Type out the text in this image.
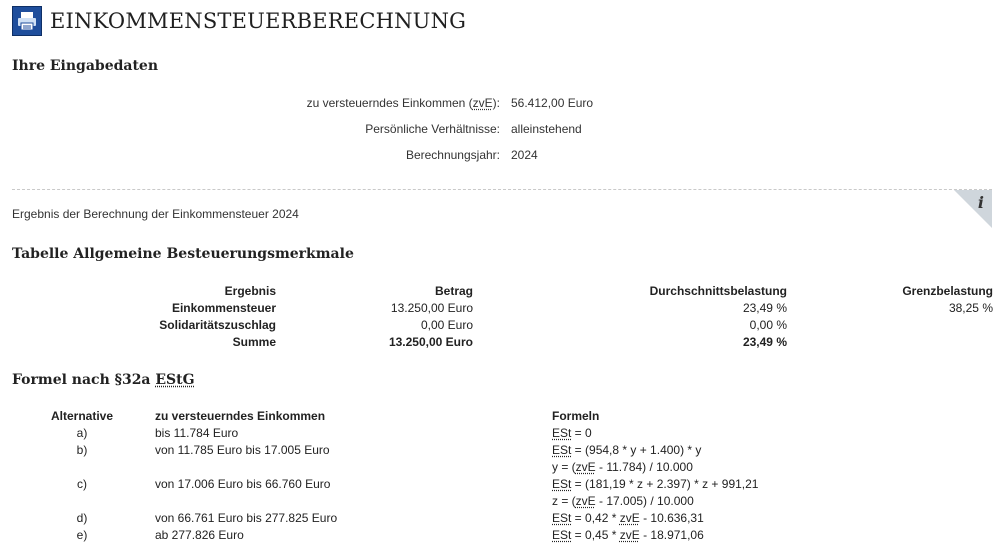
EINKOMMENSTEUERBERECHNUNG
Ihre Eingabedaten
zu versteuerndes Einkommen (zvE): 56.412,00 Euro
Persönliche Verhältnisse: alleinstehend
Berechnungsjahr: 2024
i
Ergebnis der Berechnung der Einkommensteuer 2024
Tabelle Allgemeine Besteuerungsmerkmale
Ergebnis	Betrag	Durchschnittsbelastung	Grenzbelastung
Einkommensteuer	13.250,00 Euro	23,49 %	38,25 %
Solidaritätszuschlag	0,00 Euro	0,00 %
Summe	13.250,00 Euro	23,49 %
Formel nach §32a EStG
Alternative	zu versteuerndes Einkommen	Formeln
a)	bis 11.784 Euro	ESt = 0
b)	von 11.785 Euro bis 17.005 Euro	ESt = (954,8 * y + 1.400) * y
y = (zvE - 11.784) / 10.000
c)	von 17.006 Euro bis 66.760 Euro	ESt = (181,19 * z + 2.397) * z + 991,21
z = (zvE - 17.005) / 10.000
d)	von 66.761 Euro bis 277.825 Euro	ESt = 0,42 * zvE - 10.636,31
e)	ab 277.826 Euro	ESt = 0,45 * zvE - 18.971,06
